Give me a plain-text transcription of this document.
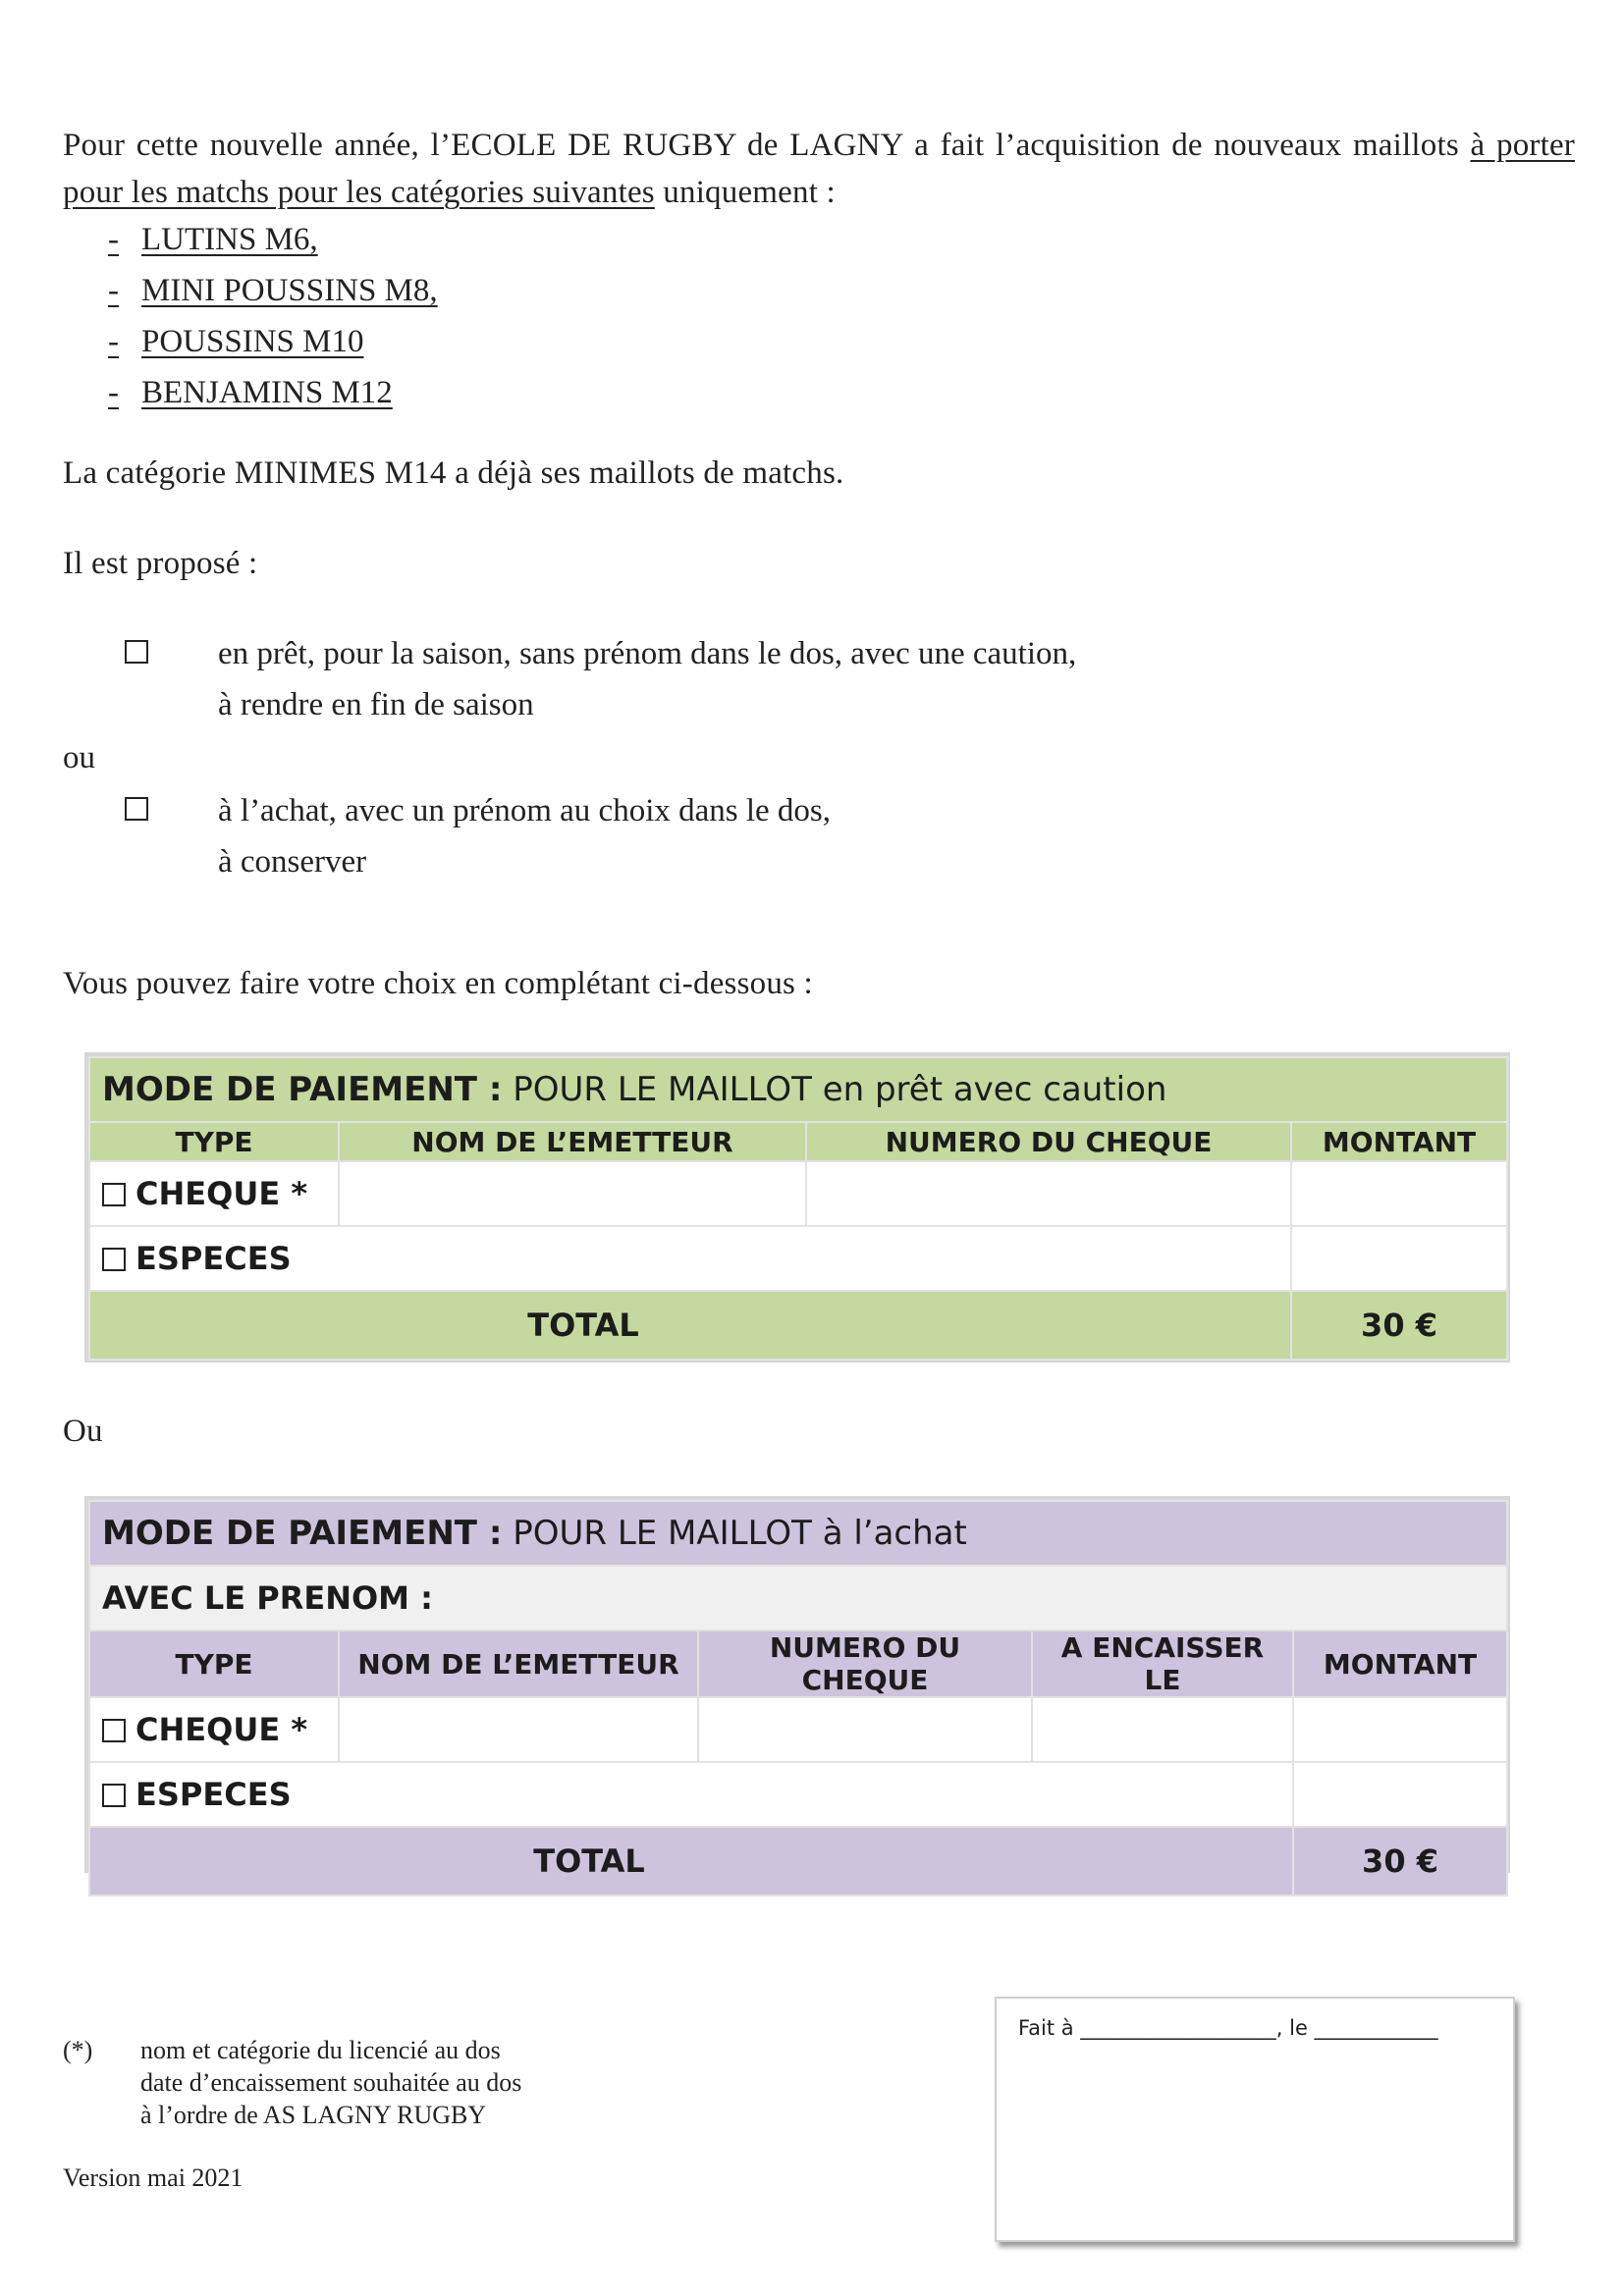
Pour cette nouvelle année, l’ECOLE DE RUGBY de LAGNY a fait l’acquisition de nouveaux maillots à porter pour les matchs pour les catégories suivantes uniquement :
- LUTINS M6,
- MINI POUSSINS M8,
- POUSSINS M10
- BENJAMINS M12
La catégorie MINIMES M14 a déjà ses maillots de matchs.
Il est proposé :
en prêt, pour la saison, sans prénom dans le dos, avec une caution,
à rendre en fin de saison
ou
à l’achat, avec un prénom au choix dans le dos,
à conserver
Vous pouvez faire votre choix en complétant ci-dessous :
MODE DE PAIEMENT : POUR LE MAILLOT en prêt avec caution			
TYPE	NOM DE L’EMETTEUR	NUMERO DU CHEQUE	MONTANT
CHEQUE *			
ESPECES			
TOTAL			30 €
Ou
MODE DE PAIEMENT : POUR LE MAILLOT à l’achat				
AVEC LE PRENOM :				
TYPE	NOM DE L’EMETTEUR	NUMERO DU CHEQUE	A ENCAISSER LE	MONTANT
CHEQUE *				
ESPECES				
TOTAL				30 €
(*) nom et catégorie du licencié au dos
date d’encaissement souhaitée au dos
à l’ordre de AS LAGNY RUGBY
Version mai 2021
Fait à ___________________, le ____________
